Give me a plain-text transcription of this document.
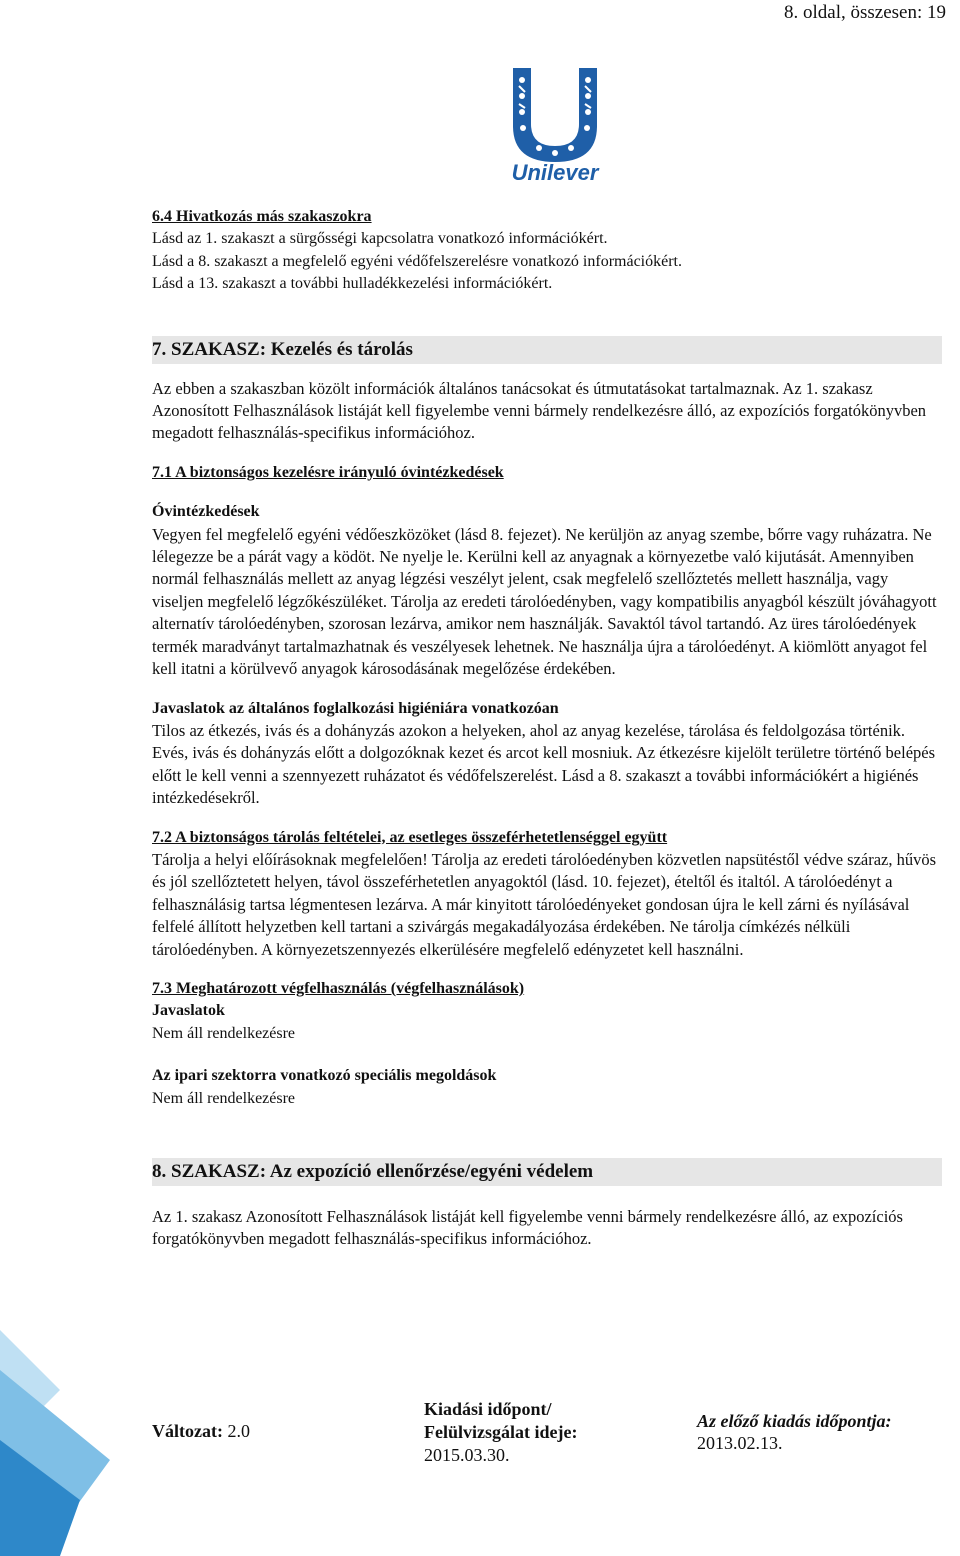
8. oldal, összesen: 19
Unilever

6.4 Hivatkozás más szakaszokra

Lásd az 1. szakaszt a sürgősségi kapcsolatra vonatkozó információkért.

Lásd a 8. szakaszt a megfelelő egyéni védőfelszerelésre vonatkozó információkért.

Lásd a 13. szakaszt a további hulladékkezelési információkért.

7. SZAKASZ: Kezelés és tárolás

Az ebben a szakaszban közölt információk általános tanácsokat és útmutatásokat tartalmaznak. Az 1. szakasz Azonosított Felhasználások listáját kell figyelembe venni bármely rendelkezésre álló, az expozíciós forgatókönyvben megadott felhasználás-specifikus információhoz.

7.1 A biztonságos kezelésre irányuló óvintézkedések

Óvintézkedések

Vegyen fel megfelelő egyéni védőeszközöket (lásd 8. fejezet). Ne kerüljön az anyag szembe, bőrre vagy ruházatra. Ne lélegezze be a párát vagy a ködöt. Ne nyelje le. Kerülni kell az anyagnak a környezetbe való kijutását. Amennyiben normál felhasználás mellett az anyag légzési veszélyt jelent, csak megfelelő szellőztetés mellett használja, vagy viseljen megfelelő légzőkészüléket. Tárolja az eredeti tárolóedényben, vagy kompatibilis anyagból készült jóváhagyott alternatív tárolóedényben, szorosan lezárva, amikor nem használják. Savaktól távol tartandó. Az üres tárolóedények termék maradványt tartalmazhatnak és veszélyesek lehetnek. Ne használja újra a tárolóedényt. A kiömlött anyagot fel kell itatni a körülvevő anyagok károsodásának megelőzése érdekében.

Javaslatok az általános foglalkozási higiéniára vonatkozóan

Tilos az étkezés, ivás és a dohányzás azokon a helyeken, ahol az anyag kezelése, tárolása és feldolgozása történik. Evés, ivás és dohányzás előtt a dolgozóknak kezet és arcot kell mosniuk. Az étkezésre kijelölt területre történő belépés előtt le kell venni a szennyezett ruházatot és védőfelszerelést. Lásd a 8. szakaszt a további információkért a higiénés intézkedésekről.

7.2 A biztonságos tárolás feltételei, az esetleges összeférhetetlenséggel együtt

Tárolja a helyi előírásoknak megfelelően! Tárolja az eredeti tárolóedényben közvetlen napsütéstől védve száraz, hűvös és jól szellőztetett helyen, távol összeférhetetlen anyagoktól (lásd. 10. fejezet), ételtől és italtól. A tárolóedényt a felhasználásig tartsa légmentesen lezárva. A már kinyitott tárolóedényeket gondosan újra le kell zárni és nyílásával felfelé állított helyzetben kell tartani a szivárgás megakadályozása érdekében. Ne tárolja címkézés nélküli tárolóedényben. A környezetszennyezés elkerülésére megfelelő edényzetet kell használni.

7.3 Meghatározott végfelhasználás (végfelhasználások)

Javaslatok

Nem áll rendelkezésre

Az ipari szektorra vonatkozó speciális megoldások

Nem áll rendelkezésre

8. SZAKASZ: Az expozíció ellenőrzése/egyéni védelem

Az 1. szakasz Azonosított Felhasználások listáját kell figyelembe venni bármely rendelkezésre álló, az expozíciós forgatókönyvben megadott felhasználás-specifikus információhoz.

Változat: 2.0
Kiadási időpont/
Felülvizsgálat ideje:
2015.03.30.
Az előző kiadás időpontja:
2013.02.13.
